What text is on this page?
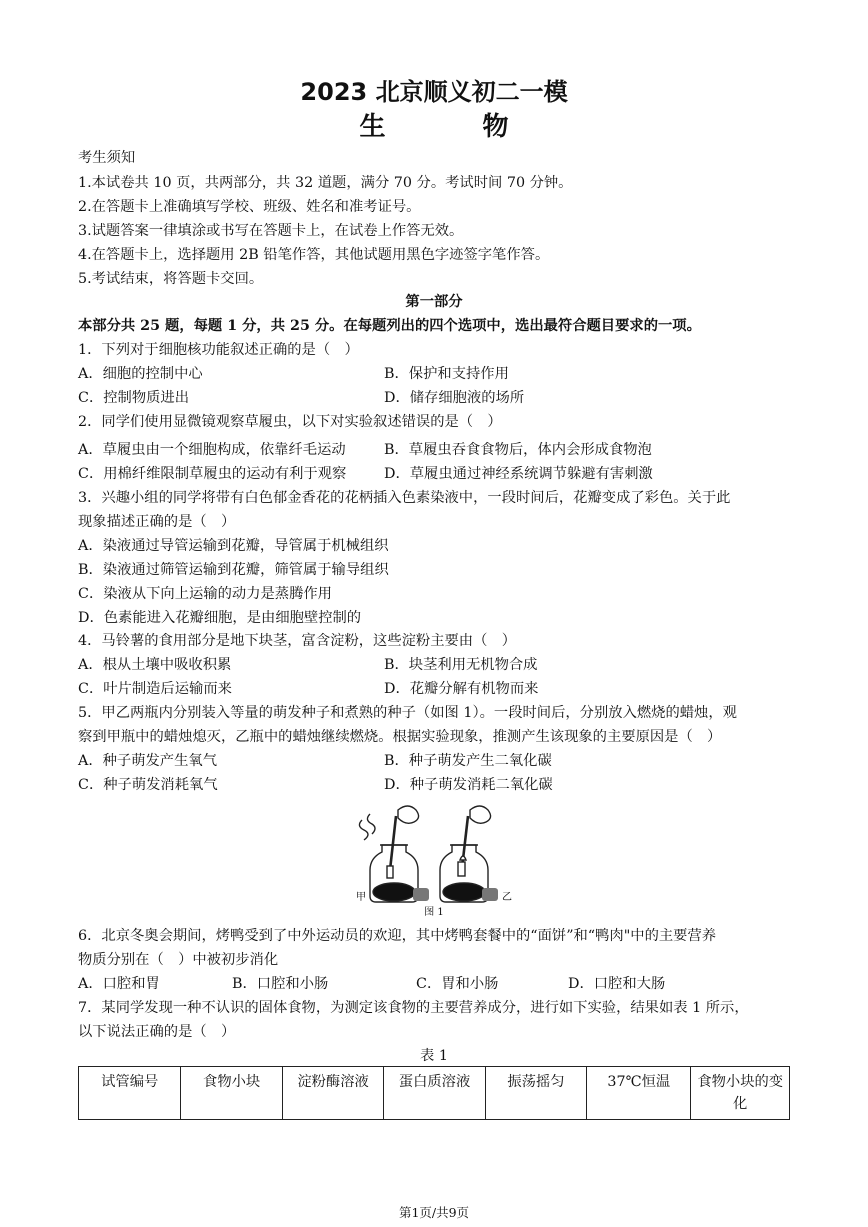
2023 北京顺义初二一模
生 物
考生须知
1.本试卷共 10 页，共两部分，共 32 道题，满分 70 分。考试时间 70 分钟。
2.在答题卡上准确填写学校、班级、姓名和准考证号。
3.试题答案一律填涂或书写在答题卡上，在试卷上作答无效。
4.在答题卡上，选择题用 2B 铅笔作答，其他试题用黑色字迹签字笔作答。
5.考试结束，将答题卡交回。
第一部分
本部分共 25 题，每题 1 分，共 25 分。在每题列出的四个选项中，选出最符合题目要求的一项。
1．下列对于细胞核功能叙述正确的是（　）
A．细胞的控制中心	B．保护和支持作用
C．控制物质进出	D．储存细胞液的场所
2．同学们使用显微镜观察草履虫，以下对实验叙述错误的是（　）
A．草履虫由一个细胞构成，依靠纤毛运动	B．草履虫吞食食物后，体内会形成食物泡
C．用棉纤维限制草履虫的运动有利于观察	D．草履虫通过神经系统调节躲避有害刺激
3．兴趣小组的同学将带有白色郁金香花的花柄插入色素染液中，一段时间后，花瓣变成了彩色。关于此
现象描述正确的是（　）
A．染液通过导管运输到花瓣，导管属于机械组织
B．染液通过筛管运输到花瓣，筛管属于输导组织
C．染液从下向上运输的动力是蒸腾作用
D．色素能进入花瓣细胞，是由细胞壁控制的
4．马铃薯的食用部分是地下块茎，富含淀粉，这些淀粉主要由（　）
A．根从土壤中吸收积累	B．块茎利用无机物合成
C．叶片制造后运输而来	D．花瓣分解有机物而来
5．甲乙两瓶内分别装入等量的萌发种子和煮熟的种子（如图 1）。一段时间后，分别放入燃烧的蜡烛，观
察到甲瓶中的蜡烛熄灭，乙瓶中的蜡烛继续燃烧。根据实验现象，推测产生该现象的主要原因是（　）
A．种子萌发产生氧气	B．种子萌发产生二氧化碳
C．种子萌发消耗氧气	D．种子萌发消耗二氧化碳
甲	乙
图 1
6．北京冬奥会期间，烤鸭受到了中外运动员的欢迎，其中烤鸭套餐中的“面饼”和“鸭肉"中的主要营养
物质分别在（　）中被初步消化
A．口腔和胃	B．口腔和小肠	C．胃和小肠	D．口腔和大肠
7．某同学发现一种不认识的固体食物，为测定该食物的主要营养成分，进行如下实验，结果如表 1 所示，
以下说法正确的是（　）
表 1
试管编号	食物小块	淀粉酶溶液	蛋白质溶液	振荡摇匀	37℃恒温	食物小块的变化
第1页/共9页
